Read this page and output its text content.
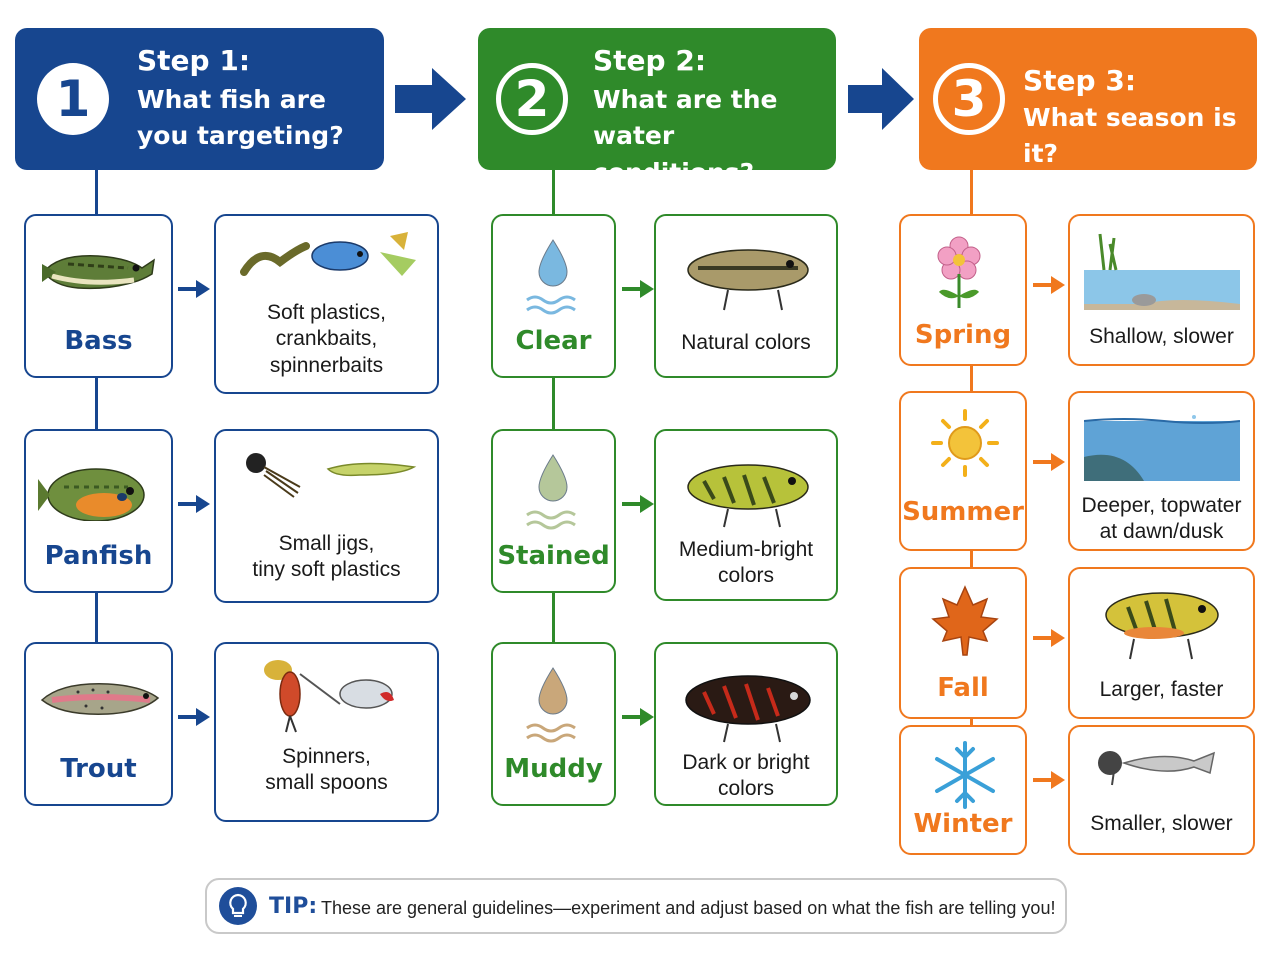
1
Step 1:
What fish are
you targeting?
2
Step 2:
What are the
water conditions?
3	Step 3:
What season is it?
Bass
Soft plastics,
crankbaits,
spinnerbaits
Panfish	Small jigs,
tiny soft plastics
Trout	Spinners,
small spoons
Clear	Natural colors
Stained	Medium-bright
colors
Muddy	Dark or bright
colors
Spring	Shallow, slower
Summer	Deeper, topwater
at dawn/dusk
Fall	Larger, faster
Winter	Smaller, slower
TIP: These are general guidelines—experiment and adjust based on what the fish are telling you!
